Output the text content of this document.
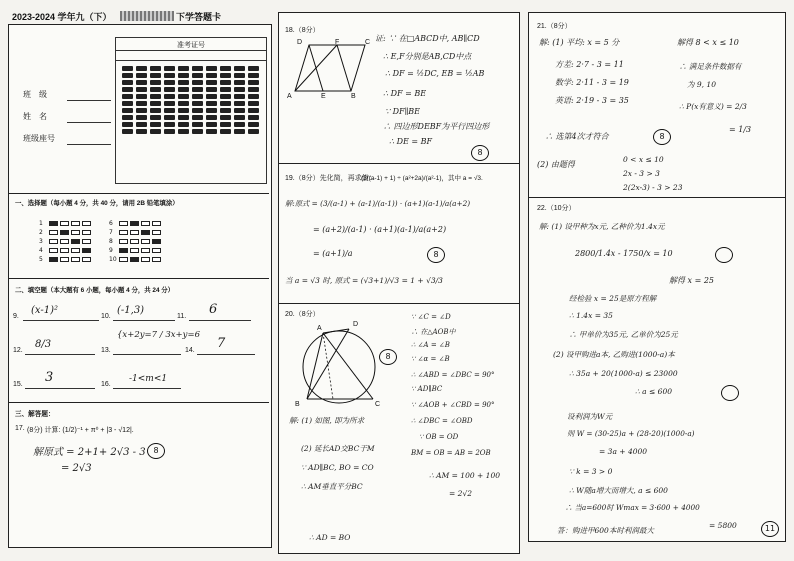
2023-2024 学年九（下）	下学答题卡
准考证号
班　级
姓　名
班级座号
一、选择题（每小题 4 分，共 40 分，请用 2B 铅笔填涂）
1
2
3
4
5
6
7
8
9
10
二、填空题（本大题有 6 小题，每小题 4 分，共 24 分）
9.
(x-1)²
10.
(-1,3)
11. 6
12.
8/3
13.
{x+2y=7 / 3x+y=6
14. 7
15. 3	16.
-1<m<1
三、解答题：
17. (8分) 计算: (1/2)⁻¹ + π⁰ + |3 - √12|.
解原式 = 2+1+ 2√3 - 3
= 2√3
8
18.（8分）
D	F	C
A	E	B
证: ∵ 在□ABCD中, AB∥CD
∴ E,F分别是AB,CD中点
∴ DF = ½DC, EB = ½AB
∴ DF = BE
∵ DF∥BE
∴ 四边形DEBF为平行四边形
∴ DE = BF
8
19.（8分）先化简，再求值：
(3/(a-1) + 1) ÷ (a²+2a)/(a²-1)，其中 a = √3.
解:原式 = (3/(a-1) + (a-1)/(a-1)) · (a+1)(a-1)/a(a+2)
= (a+2)/(a-1) · (a+1)(a-1)/a(a+2)
= (a+1)/a
当 a = √3 时, 原式 = (√3+1)/√3 = 1 + √3/3
8
20.（8分）
A
D
B	C
8
∵ ∠C = ∠D
∴ 在△AOB中
∴ ∠A = ∠B
∵ ∠α = ∠B
∴ ∠ABD = ∠DBC = 90°
∵ AD∥BC
∵ ∠AOB + ∠CBD = 90°
∴ ∠DBC = ∠OBD
∵ OB = OD
BM = OB = AB = 2OB
解: (1) 如图, 即为所求
(2) 延长AD交BC于M
∵ AD∥BC, BO = CO
∴ AM垂直平分BC
∴ AM = 100 + 100
= 2√2
∴ AD = BO
21.（8分）
解: (1) 平均: x = 5 分
方差: 2·7 - 3 = 11
数学: 2·11 - 3 = 19
英语: 2·19 - 3 = 35
∴ 选第4次才符合	8
(2) 由题得
0 < x ≤ 10
2x - 3 > 3
2(2x-3) - 3 > 23
解得 8 < x ≤ 10
∴ 满足条件数据有
为 9, 10
∴ P(x有意义) = 2/3
= 1/3
22.（10分）
解: (1) 设甲种为x元, 乙种价为1.4x元
2800/1.4x - 1750/x = 10
解得 x = 25
经检验 x = 25是原方程解
∴ 1.4x = 35
∴ 甲单价为35元, 乙单价为25元
(2) 设甲购进a本, 乙购进(1000-a)本
∴ 35a + 20(1000-a) ≤ 23000
∴ a ≤ 600
设利润为W元
则 W = (30-25)a + (28-20)(1000-a)
= 3a + 4000
∵ k = 3 > 0
∴ W随a增大而增大, a ≤ 600
∴ 当a=600时 Wmax = 3·600 + 4000
= 5800
答：购进甲600本时利润最大	11
